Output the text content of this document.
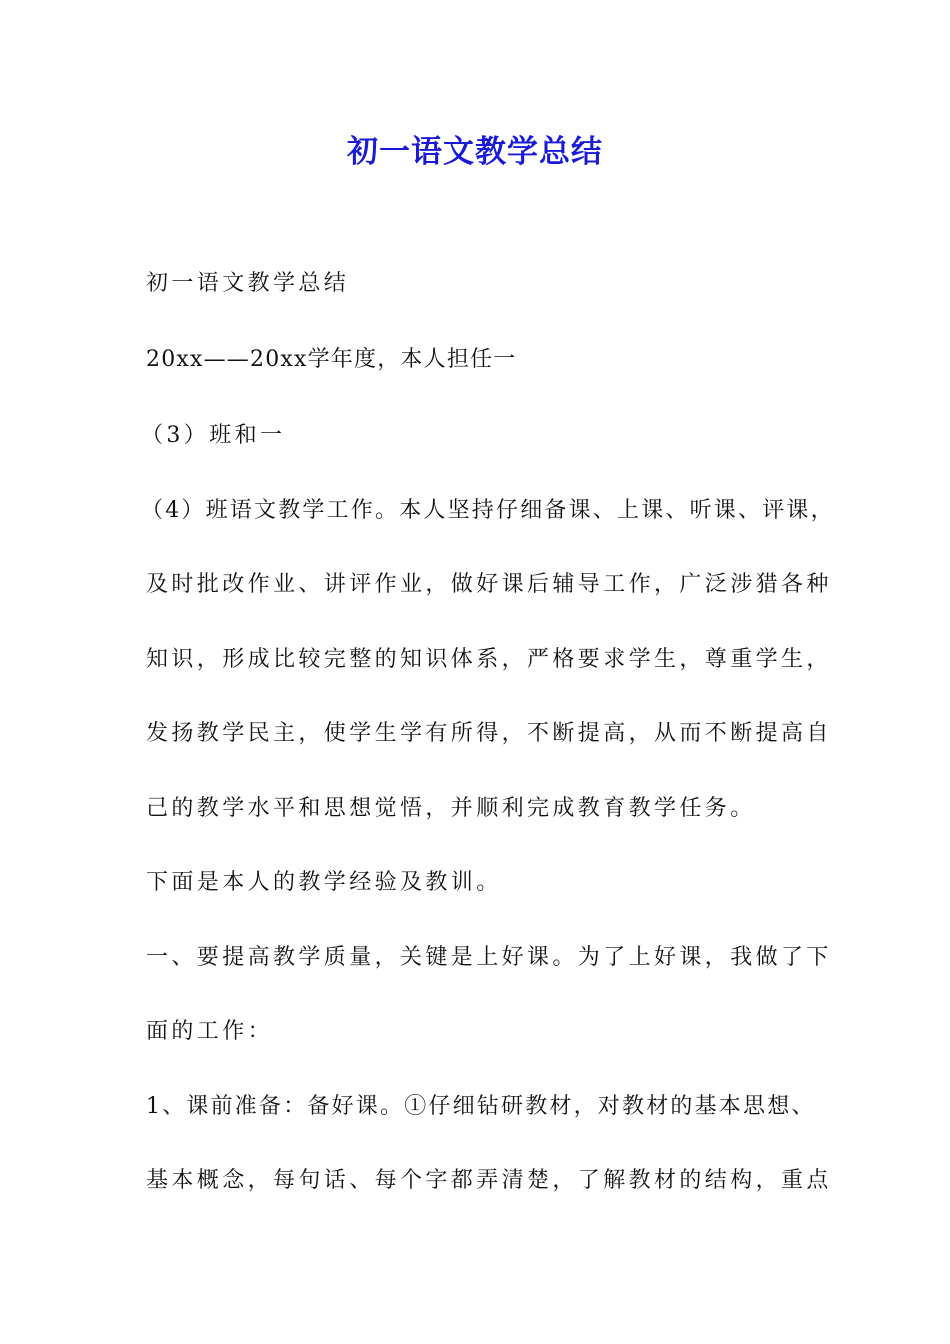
初一语文教学总结
初一语文教学总结
20xx——20xx学年度，本人担任一
（3）班和一
（4）班语文教学工作。本人坚持仔细备课、上课、听课、评课，
及时批改作业、讲评作业，做好课后辅导工作，广泛涉猎各种
知识，形成比较完整的知识体系，严格要求学生，尊重学生，
发扬教学民主，使学生学有所得，不断提高，从而不断提高自
己的教学水平和思想觉悟，并顺利完成教育教学任务。
下面是本人的教学经验及教训。
一、要提高教学质量，关键是上好课。为了上好课，我做了下
面的工作：
1、课前准备：备好课。①仔细钻研教材，对教材的基本思想、
基本概念，每句话、每个字都弄清楚，了解教材的结构，重点
